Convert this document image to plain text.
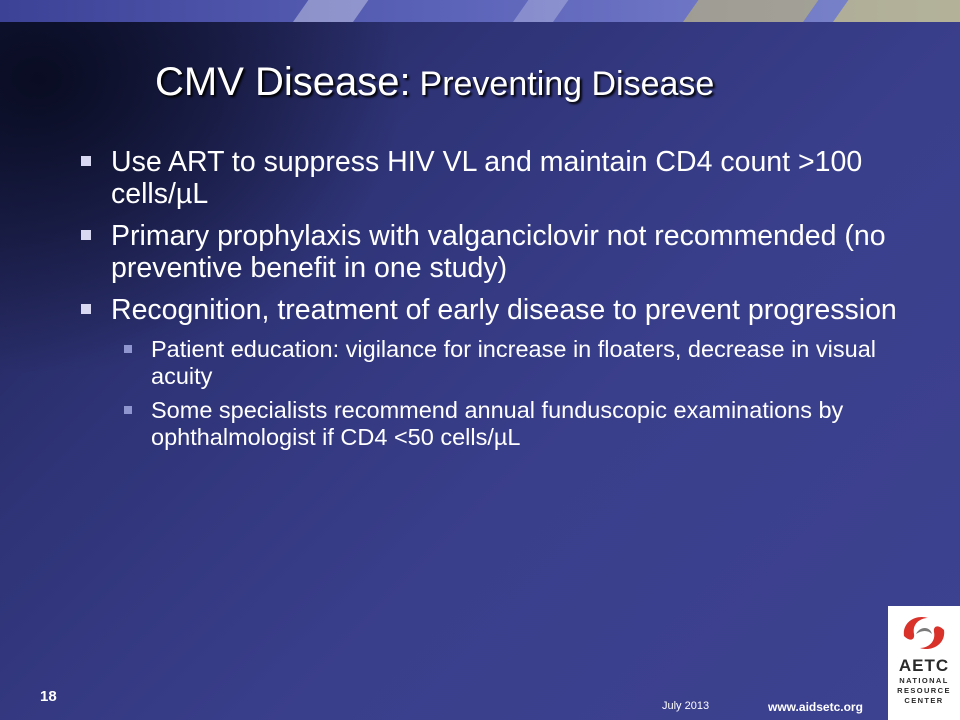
CMV Disease: Preventing Disease
Use ART to suppress HIV VL and maintain CD4 count >100 cells/µL
Primary prophylaxis with valganciclovir not recommended (no preventive benefit in one study)
Recognition, treatment of early disease to prevent progression
Patient education: vigilance for increase in floaters, decrease in visual acuity
Some specialists recommend annual funduscopic examinations by ophthalmologist if CD4 <50 cells/µL
18
July 2013	www.aidsetc.org
AETC
NATIONAL
RESOURCE
CENTER
